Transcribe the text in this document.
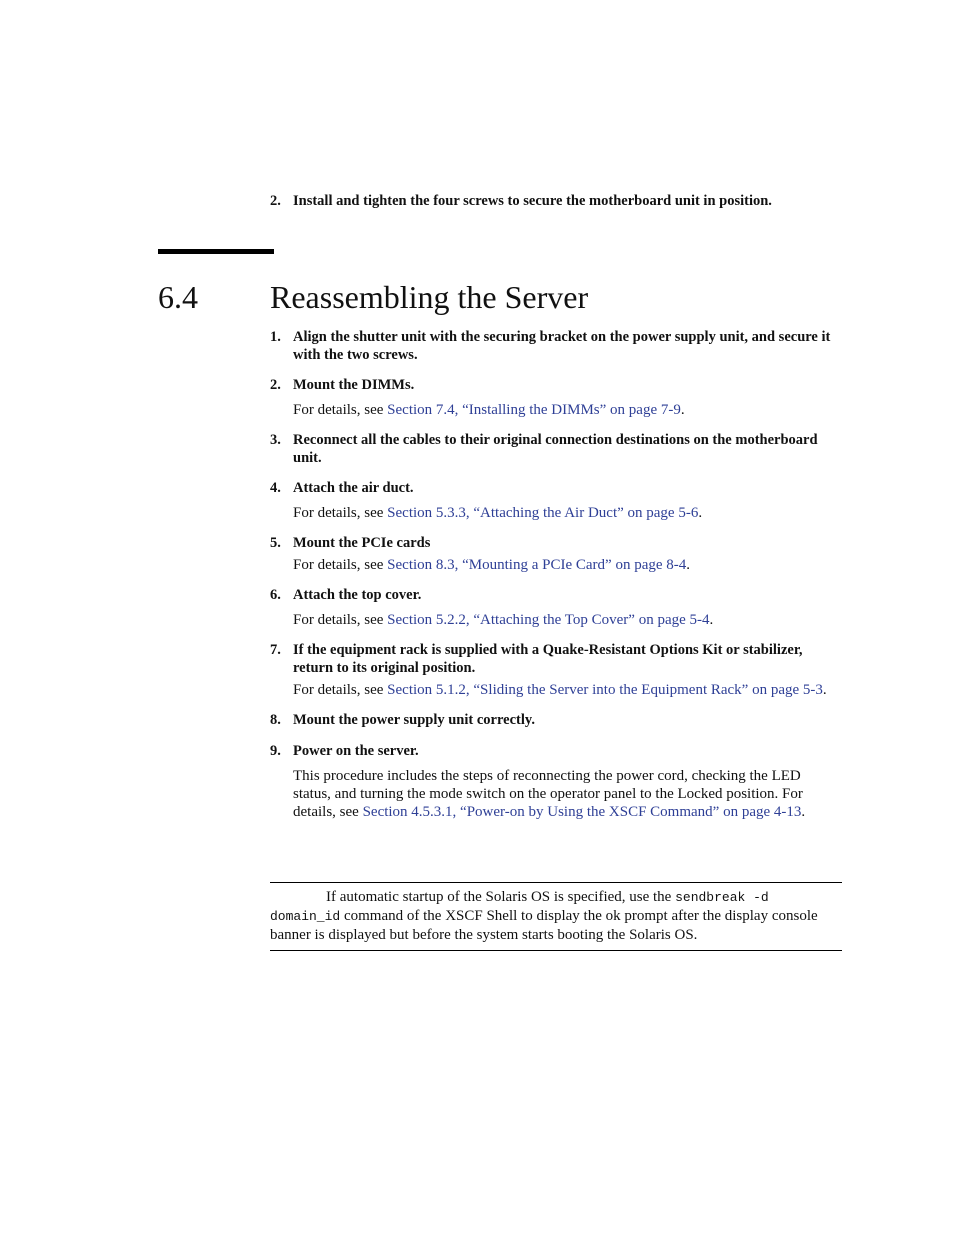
2. Install and tighten the four screws to secure the motherboard unit in position.
6.4 Reassembling the Server
1. Align the shutter unit with the securing bracket on the power supply unit, and secure it with the two screws.
2. Mount the DIMMs.
For details, see Section 7.4, “Installing the DIMMs” on page 7-9.
3. Reconnect all the cables to their original connection destinations on the motherboard unit.
4. Attach the air duct.
For details, see Section 5.3.3, “Attaching the Air Duct” on page 5-6.
5. Mount the PCIe cards
For details, see Section 8.3, “Mounting a PCIe Card” on page 8-4.
6. Attach the top cover.
For details, see Section 5.2.2, “Attaching the Top Cover” on page 5-4.
7. If the equipment rack is supplied with a Quake-Resistant Options Kit or stabilizer, return to its original position.
For details, see Section 5.1.2, “Sliding the Server into the Equipment Rack” on page 5-3.
8. Mount the power supply unit correctly.
9. Power on the server.
This procedure includes the steps of reconnecting the power cord, checking the LED status, and turning the mode switch on the operator panel to the Locked position. For details, see Section 4.5.3.1, “Power-on by Using the XSCF Command” on page 4-13.
If automatic startup of the Solaris OS is specified, use the sendbreak -d domain_id command of the XSCF Shell to display the ok prompt after the display console banner is displayed but before the system starts booting the Solaris OS.
